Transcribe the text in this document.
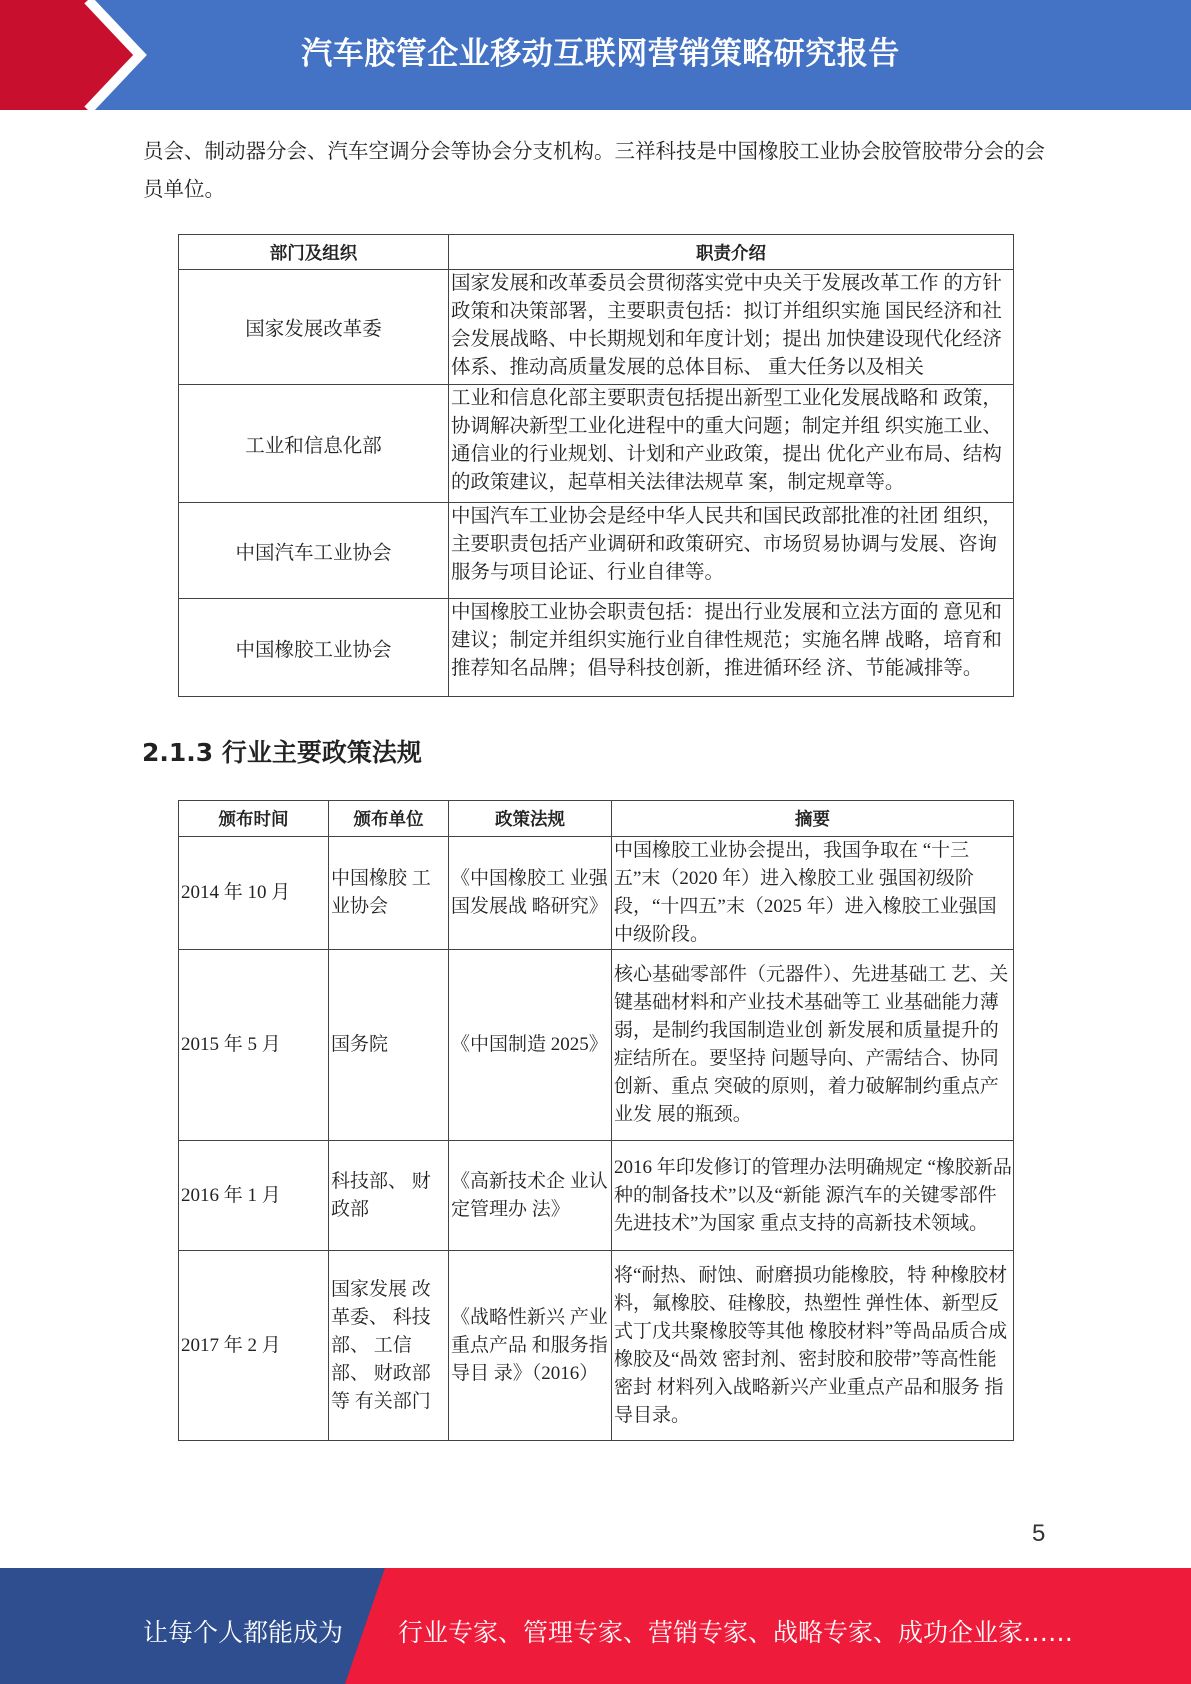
汽车胶管企业移动互联网营销策略研究报告

员会、制动器分会、汽车空调分会等协会分支机构。三祥科技是中国橡胶工业协会胶管胶带分会的会员单位。

部门及组织	职责介绍
国家发展改革委	国家发展和改革委员会贯彻落实党中央关于发展改革工作 的方针政策和决策部署，主要职责包括：拟订并组织实施 国民经济和社会发展战略、中长期规划和年度计划；提出 加快建设现代化经济体系、推动高质量发展的总体目标、 重大任务以及相关
工业和信息化部	工业和信息化部主要职责包括提出新型工业化发展战略和 政策，协调解决新型工业化进程中的重大问题；制定并组 织实施工业、通信业的行业规划、计划和产业政策，提出 优化产业布局、结构的政策建议，起草相关法律法规草 案，制定规章等。
中国汽车工业协会	中国汽车工业协会是经中华人民共和国民政部批准的社团 组织，主要职责包括产业调研和政策研究、市场贸易协调与发展、咨询服务与项目论证、行业自律等。
中国橡胶工业协会	中国橡胶工业协会职责包括：提出行业发展和立法方面的 意见和建议；制定并组织实施行业自律性规范；实施名牌 战略，培育和推荐知名品牌；倡导科技创新，推进循环经 济、节能减排等。
2.1.3 行业主要政策法规
颁布时间	颁布单位	政策法规	摘要
2014 年 10 月	中国橡胶 工业协会	《中国橡胶工 业强国发展战 略研究》	中国橡胶工业协会提出，我国争取在 “十三五”末（2020 年）进入橡胶工业 强国初级阶段，“十四五”末（2025 年）进入橡胶工业强国中级阶段。
2015 年 5 月	国务院	《中国制造 2025》	核心基础零部件（元器件）、先进基础工 艺、关键基础材料和产业技术基础等工 业基础能力薄弱，是制约我国制造业创 新发展和质量提升的症结所在。要坚持 问题导向、产需结合、协同创新、重点 突破的原则，着力破解制约重点产业发 展的瓶颈。
2016 年 1 月	科技部、 财政部	《高新技术企 业认定管理办 法》	2016 年印发修订的管理办法明确规定 “橡胶新品种的制备技术”以及“新能 源汽车的关键零部件先进技术”为国家 重点支持的高新技术领域。
2017 年 2 月	国家发展 改革委、 科技部、 工信部、 财政部等 有关部门	《战略性新兴 产业重点产品 和服务指导目 录》（2016）	将“耐热、耐蚀、耐磨损功能橡胶，特 种橡胶材料，氟橡胶、硅橡胶，热塑性 弹性体、新型反式丁戊共聚橡胶等其他 橡胶材料”等咼品质合成橡胶及“咼效 密封剂、密封胶和胶带”等高性能密封 材料列入战略新兴产业重点产品和服务 指导目录。
5
让每个人都能成为 行业专家、管理专家、营销专家、战略专家、成功企业家……
